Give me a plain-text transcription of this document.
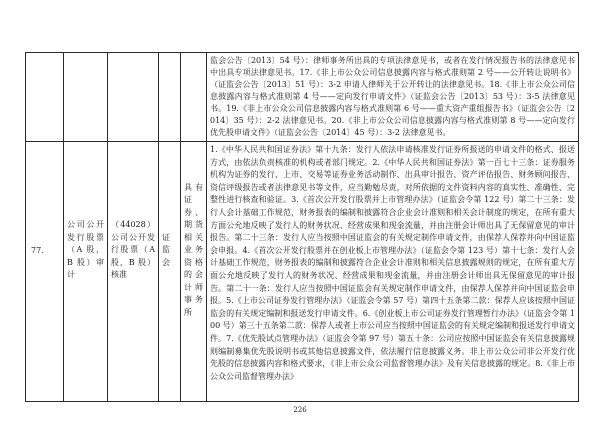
					监会公告〔2013〕54 号）：律师事务所出具的专项法律意见书，或者在发行情况报告书的法律意见书中出具专项法律意见书。17.《非上市公众公司信息披露内容与格式准则第 2 号——公开转让说明书》（证监会公告〔2013〕51 号）：3-2 申请人律师关于公开转让的法律意见书。18.《非上市公众公司信息披露内容与格式准则第 4 号——定向发行申请文件》（证监会公告〔2013〕53 号）：3-5 法律意见书。19.《非上市公众公司信息披露内容与格式准则第 6 号——重大资产重组报告书》（证监会公告〔2014〕35 号）：2-2 法律意见书。20.《非上市公众公司信息披露内容与格式准则第 8 号——定向发行优先股申请文件》（证监会公告〔2014〕45 号）：3-2 法律意见书。
77.	公司公开发行股票（A 股，B 股）审计	（44028）公司公开发行股票（A 股，B 股）核准	证监会	具有证券、期货相关业务资格的会计师事务所	1.《中华人民共和国证券法》第十九条：发行人依法申请核准发行证券所报送的申请文件的格式、报送方式，由依法负责核准的机构或者部门规定。2.《中华人民共和国证券法》第一百七十三条：证券服务机构为证券的发行、上市、交易等证券业务活动制作、出具审计报告、资产评估报告、财务顾问报告、资信评级报告或者法律意见书等文件，应当勤勉尽责，对所依据的文件资料内容的真实性、准确性、完整性进行核查和验证。3.《首次公开发行股票并上市管理办法》（证监会令第 122 号）第二十三条：发行人会计基础工作规范，财务报表的编制和披露符合企业会计准则和相关会计制度的规定，在所有重大方面公允地反映了发行人的财务状况、经营成果和现金流量，并由注册会计师出具了无保留意见的审计报告。第二十三条：发行人应当按照中国证监会的有关规定制作申请文件，由保荐人保荐并向中国证监会申报。4.《首次公开发行股票并在创业板上市管理办法》（证监会令第 123 号）第十七条：发行人会计基础工作规范，财务报表的编制和披露符合企业会计准则和相关信息披露规则的规定，在所有重大方面公允地反映了发行人的财务状况、经营成果和现金流量，并由注册会计师出具无保留意见的审计报告。第二十一条：发行人应当按照中国证监会有关规定制作申请文件，由保荐人保荐并向中国证监会申报。5.《上市公司证券发行管理办法》（证监会令第 57 号）第四十五条第二款：保荐人应该按照中国证监会的有关规定编制和报送发行申请文件。6.《创业板上市公司证券发行管理暂行办法》（证监会令第 100 号）第三十五条第二款：保荐人或者上市公司应当按照中国证监会的有关规定编制和报送发行申请文件。7.《优先股试点管理办法》（证监会令第 97 号）第五十条：公司应按照中国证监会有关信息披露规则编制募集优先股说明书或其他信息披露文件，依法履行信息披露义务。非上市公众公司非公开发行优先股的信息披露内容和格式要求，《非上市公众公司监督管理办法》及有关信息披露的规定。8.《非上市公众公司监督管理办法》
226
